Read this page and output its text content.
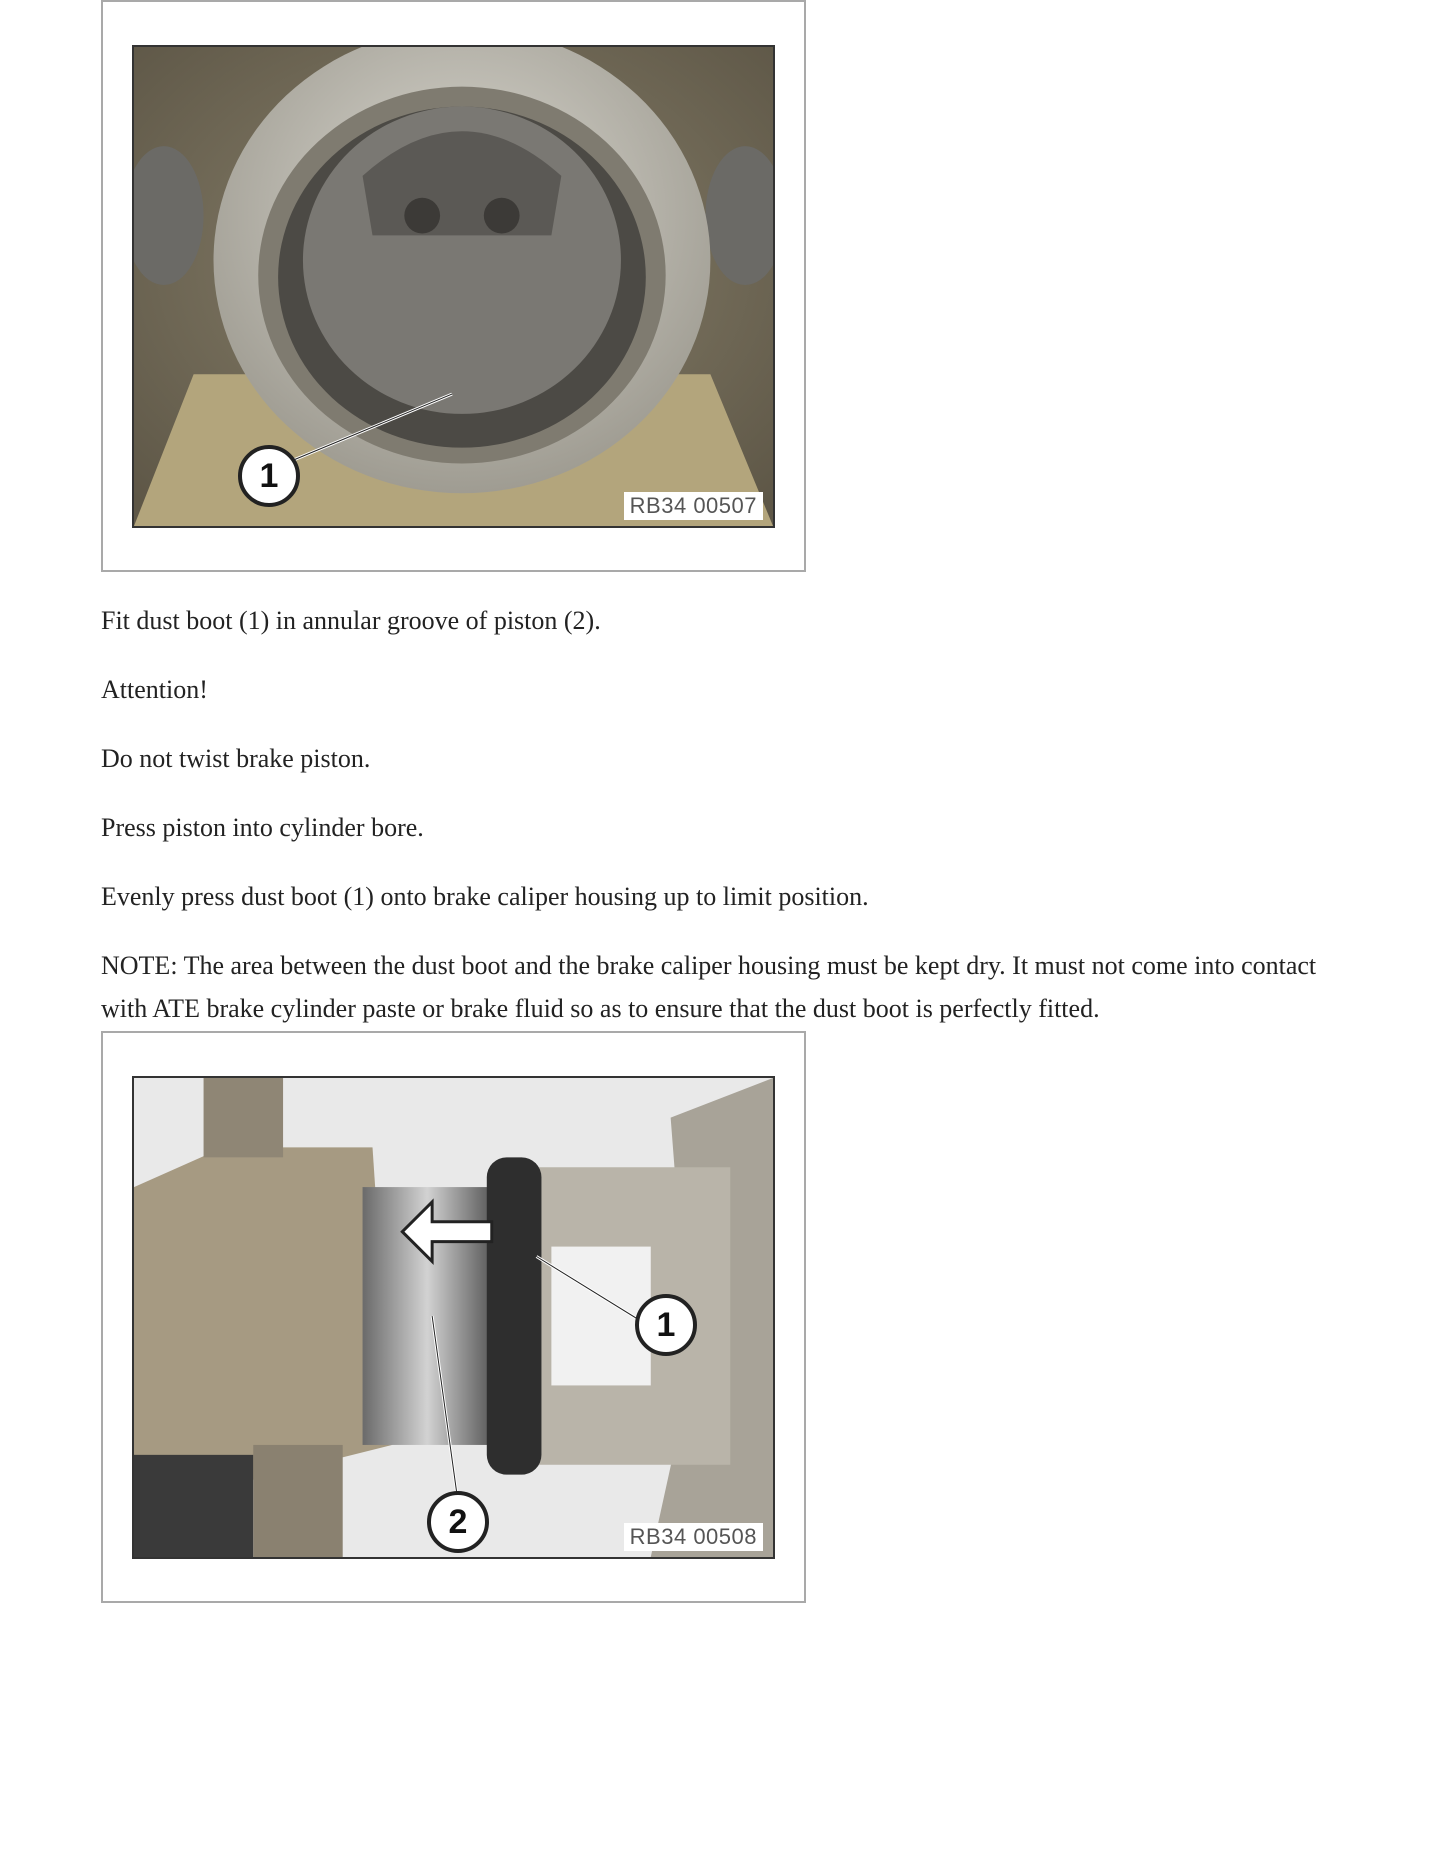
1
RB34 00507

Fit dust boot (1) in annular groove of piston (2).

Attention!

Do not twist brake piston.

Press piston into cylinder bore.

Evenly press dust boot (1) onto brake caliper housing up to limit position.

NOTE: The area between the dust boot and the brake caliper housing must be kept dry. It must not come into contact with ATE brake cylinder paste or brake fluid so as to ensure that the dust boot is perfectly fitted.

1
2	RB34 00508
